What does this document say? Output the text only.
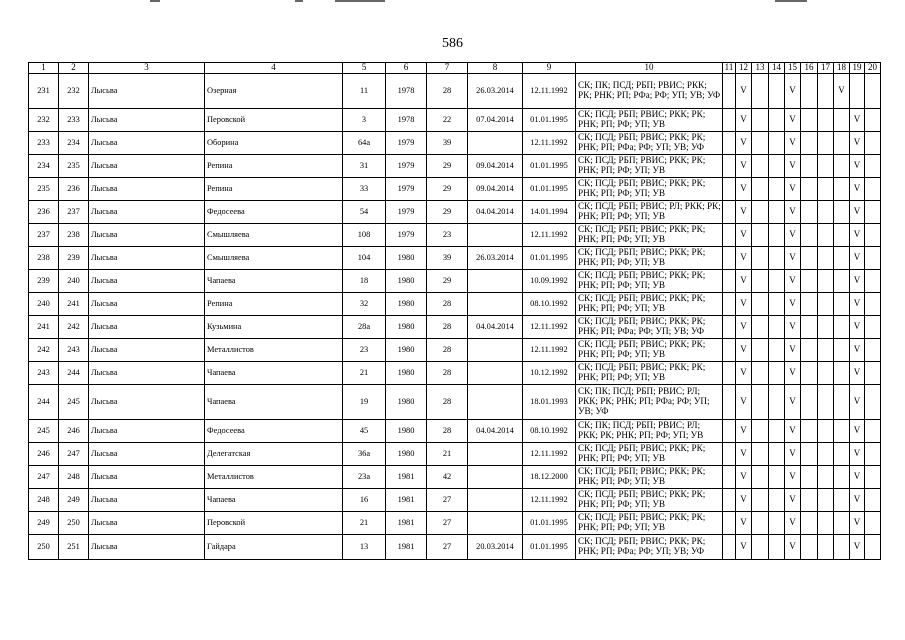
586
1	2	3	4	5	6	7	8	9	10	11	12	13	14	15	16	17	18	19	20
231	232	Лысьва	Озерная	11	1978	28	26.03.2014	12.11.1992	СК; ПК; ПСД; РБП; РВИС; РКК; РК; РНК; РП; РФа; РФ; УП; УВ; УФ		V			V			V		
232	233	Лысьва	Перовской	3	1978	22	07.04.2014	01.01.1995	СК; ПСД; РБП; РВИС; РКК; РК; РНК; РП; РФ; УП; УВ		V			V				V	
233	234	Лысьва	Оборина	64а	1979	39		12.11.1992	СК; ПСД; РБП; РВИС; РКК; РК; РНК; РП; РФа; РФ; УП; УВ; УФ		V			V				V	
234	235	Лысьва	Репина	31	1979	29	09.04.2014	01.01.1995	СК; ПСД; РБП; РВИС; РКК; РК; РНК; РП; РФ; УП; УВ		V			V				V	
235	236	Лысьва	Репина	33	1979	29	09.04.2014	01.01.1995	СК; ПСД; РБП; РВИС; РКК; РК; РНК; РП; РФ; УП; УВ		V			V				V	
236	237	Лысьва	Федосеева	54	1979	29	04.04.2014	14.01.1994	СК; ПСД; РБП; РВИС; РЛ; РКК; РК; РНК; РП; РФ; УП; УВ		V			V				V	
237	238	Лысьва	Смышляева	108	1979	23		12.11.1992	СК; ПСД; РБП; РВИС; РКК; РК; РНК; РП; РФ; УП; УВ		V			V				V	
238	239	Лысьва	Смышляева	104	1980	39	26.03.2014	01.01.1995	СК; ПСД; РБП; РВИС; РКК; РК; РНК; РП; РФ; УП; УВ		V			V				V	
239	240	Лысьва	Чапаева	18	1980	29		10.09.1992	СК; ПСД; РБП; РВИС; РКК; РК; РНК; РП; РФ; УП; УВ		V			V				V	
240	241	Лысьва	Репина	32	1980	28		08.10.1992	СК; ПСД; РБП; РВИС; РКК; РК; РНК; РП; РФ; УП; УВ		V			V				V	
241	242	Лысьва	Кузьмина	28а	1980	28	04.04.2014	12.11.1992	СК; ПСД; РБП; РВИС; РКК; РК; РНК; РП; РФа; РФ; УП; УВ; УФ		V			V				V	
242	243	Лысьва	Металлистов	23	1980	28		12.11.1992	СК; ПСД; РБП; РВИС; РКК; РК; РНК; РП; РФ; УП; УВ		V			V				V	
243	244	Лысьва	Чапаева	21	1980	28		10.12.1992	СК; ПСД; РБП; РВИС; РКК; РК; РНК; РП; РФ; УП; УВ		V			V				V	
244	245	Лысьва	Чапаева	19	1980	28		18.01.1993	СК; ПК; ПСД; РБП; РВИС; РЛ; РКК; РК; РНК; РП; РФа; РФ; УП; УВ; УФ		V			V				V	
245	246	Лысьва	Федосеева	45	1980	28	04.04.2014	08.10.1992	СК; ПК; ПСД; РБП; РВИС; РЛ; РКК; РК; РНК; РП; РФ; УП; УВ		V			V				V	
246	247	Лысьва	Делегатская	36а	1980	21		12.11.1992	СК; ПСД; РБП; РВИС; РКК; РК; РНК; РП; РФ; УП; УВ		V			V				V	
247	248	Лысьва	Металлистов	23а	1981	42		18.12.2000	СК; ПСД; РБП; РВИС; РКК; РК; РНК; РП; РФ; УП; УВ		V			V				V	
248	249	Лысьва	Чапаева	16	1981	27		12.11.1992	СК; ПСД; РБП; РВИС; РКК; РК; РНК; РП; РФ; УП; УВ		V			V				V	
249	250	Лысьва	Перовской	21	1981	27		01.01.1995	СК; ПСД; РБП; РВИС; РКК; РК; РНК; РП; РФ; УП; УВ		V			V				V	
250	251	Лысьва	Гайдара	13	1981	27	20.03.2014	01.01.1995	СК; ПСД; РБП; РВИС; РКК; РК; РНК; РП; РФа; РФ; УП; УВ; УФ		V			V				V	
